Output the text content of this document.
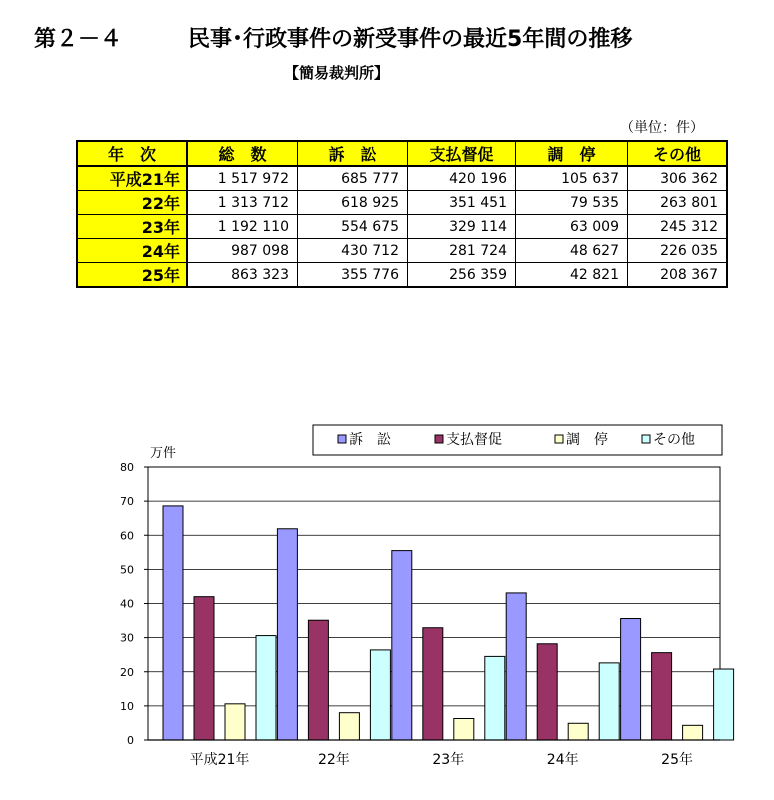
第２－４　　　	民事･行政事件の新受事件の最近5年間の推移
【簡易裁判所】
（単位：件）
年　次	総　数	訴　訟	支払督促	調　停	その他
平成21年	1 517 972	685 777	420 196	105 637	306 362
22年	1 313 712	618 925	351 451	79 535	263 801
23年	1 192 110	554 675	329 114	63 009	245 312
24年	987 098	430 712	281 724	48 627	226 035
25年	863 323	355 776	256 359	42 821	208 367
0
10
20
30
40
50
60
70
80
万件
平成21年	22年	23年	24年	25年
訴　訟	支払督促	調　停	その他
